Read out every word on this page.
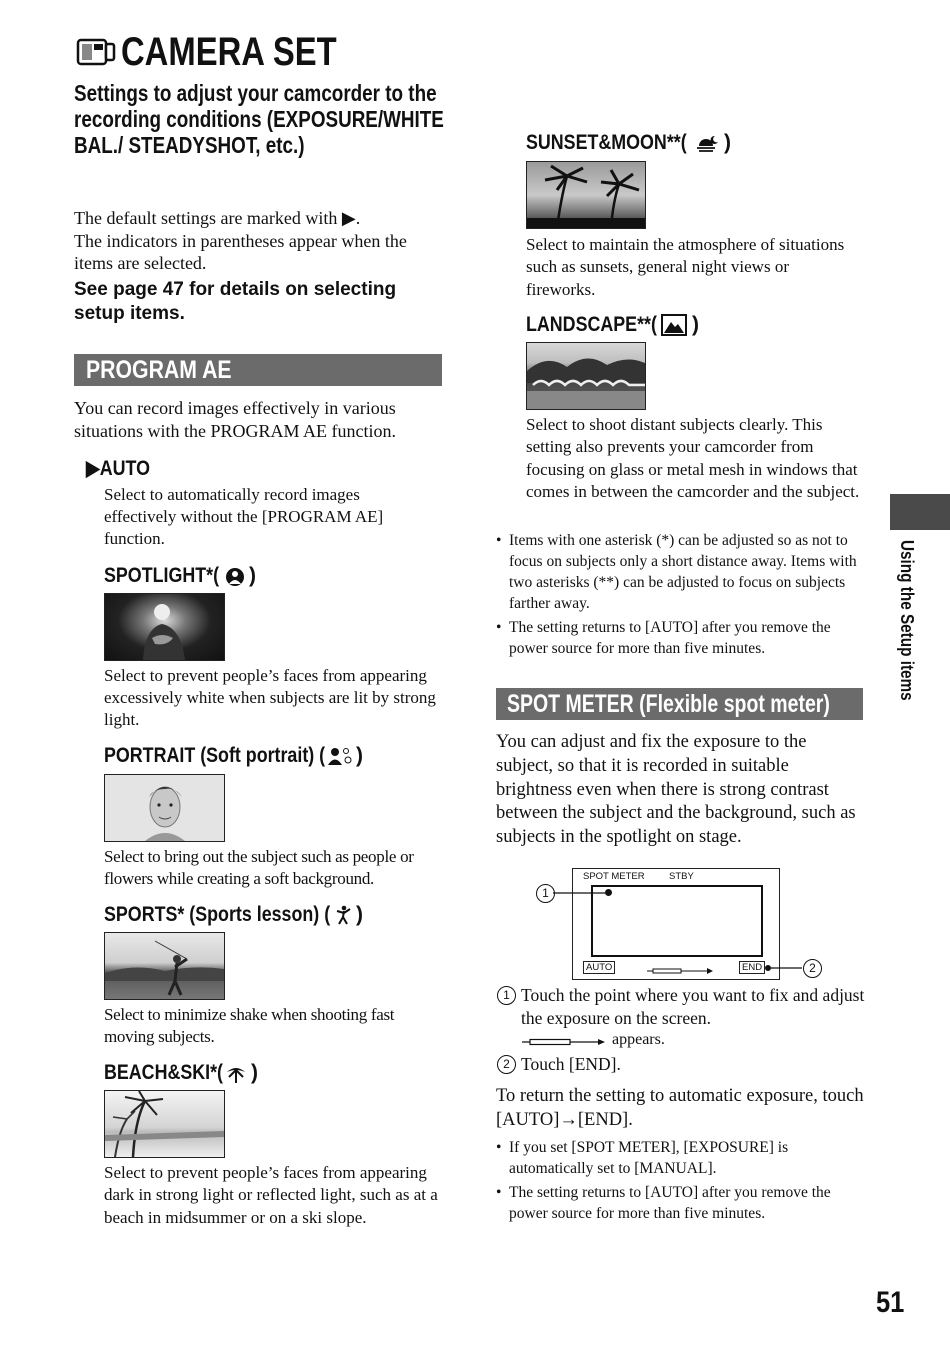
CAMERA SET
Settings to adjust your camcorder to the recording conditions (EXPOSURE/WHITE BAL./ STEADYSHOT, etc.)
The default settings are marked with ▶.
The indicators in parentheses appear when the items are selected.
See page 47 for details on selecting setup items.
PROGRAM AE
You can record images effectively in various situations with the PROGRAM AE function.
▶AUTO
Select to automatically record images effectively without the [PROGRAM AE] function.
SPOTLIGHT*(	)
Select to prevent people’s faces from appearing excessively white when subjects are lit by strong light.
PORTRAIT (Soft portrait) ( )
Select to bring out the subject such as people or flowers while creating a soft background.
SPORTS* (Sports lesson) ( )
Select to minimize shake when shooting fast moving subjects.
BEACH&SKI*( )
Select to prevent people’s faces from appearing dark in strong light or reflected light, such as at a beach in midsummer or on a ski slope.
SUNSET&MOON**( )
Select to maintain the atmosphere of situations such as sunsets, general night views or fireworks.
LANDSCAPE**( )
Select to shoot distant subjects clearly. This setting also prevents your camcorder from focusing on glass or metal mesh in windows that comes in between the camcorder and the subject.
• Items with one asterisk (*) can be adjusted so as not to focus on subjects only a short distance away. Items with two asterisks (**) can be adjusted to focus on subjects farther away.
• The setting returns to [AUTO] after you remove the power source for more than five minutes.
SPOT METER (Flexible spot meter)
You can adjust and fix the exposure to the subject, so that it is recorded in suitable brightness even when there is strong contrast between the subject and the background, such as subjects in the spotlight on stage.
SPOT METER	STBY
AUTO	END
1
2
1 Touch the point where you want to fix and adjust the exposure on the screen.
appears.
2 Touch [END].
To return the setting to automatic exposure, touch [AUTO]→[END].
• If you set [SPOT METER], [EXPOSURE] is automatically set to [MANUAL].
• The setting returns to [AUTO] after you remove the power source for more than five minutes.
Using the Setup items
51
